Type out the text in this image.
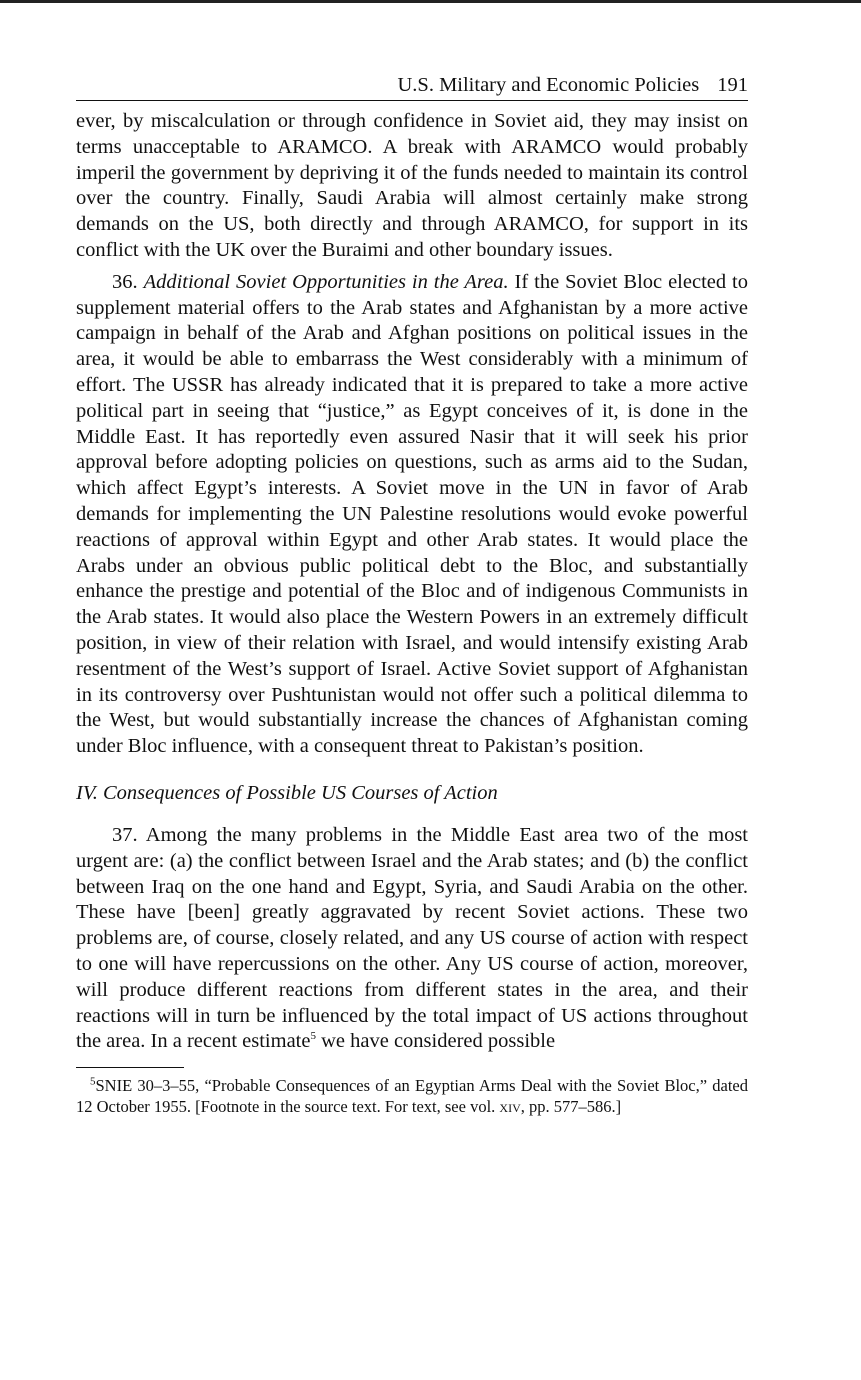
U.S. Military and Economic Policies 191

ever, by miscalculation or through confidence in Soviet aid, they may insist on terms unacceptable to ARAMCO. A break with ARAMCO would probably imperil the government by depriving it of the funds needed to maintain its control over the country. Finally, Saudi Arabia will almost certainly make strong demands on the US, both directly and through ARAMCO, for support in its conflict with the UK over the Buraimi and other boundary issues.

36. Additional Soviet Opportunities in the Area. If the Soviet Bloc elected to supplement material offers to the Arab states and Afghanistan by a more active campaign in behalf of the Arab and Afghan positions on political issues in the area, it would be able to embarrass the West considerably with a minimum of effort. The USSR has already indicated that it is prepared to take a more active political part in seeing that “justice,” as Egypt conceives of it, is done in the Middle East. It has reportedly even assured Nasir that it will seek his prior approval before adopting policies on questions, such as arms aid to the Sudan, which affect Egypt’s interests. A Soviet move in the UN in favor of Arab demands for implementing the UN Palestine resolutions would evoke powerful reactions of approval within Egypt and other Arab states. It would place the Arabs under an obvious public political debt to the Bloc, and substantially enhance the prestige and potential of the Bloc and of indigenous Communists in the Arab states. It would also place the Western Powers in an extremely difficult position, in view of their relation with Israel, and would intensify existing Arab resentment of the West’s support of Israel. Active Soviet support of Afghanistan in its controversy over Pushtunistan would not offer such a political dilemma to the West, but would substantially increase the chances of Afghanistan coming under Bloc influence, with a consequent threat to Pakistan’s position.

IV. Consequences of Possible US Courses of Action

37. Among the many problems in the Middle East area two of the most urgent are: (a) the conflict between Israel and the Arab states; and (b) the conflict between Iraq on the one hand and Egypt, Syria, and Saudi Arabia on the other. These have [been] greatly aggravated by recent Soviet actions. These two problems are, of course, closely related, and any US course of action with respect to one will have repercussions on the other. Any US course of action, moreover, will produce different reactions from different states in the area, and their reactions will in turn be influenced by the total impact of US actions throughout the area. In a recent estimate$^5$ we have considered possible

$^5$SNIE 30–3–55, “Probable Consequences of an Egyptian Arms Deal with the Soviet Bloc,” dated 12 October 1955. [Footnote in the source text. For text, see vol. xiv, pp. 577–586.]
